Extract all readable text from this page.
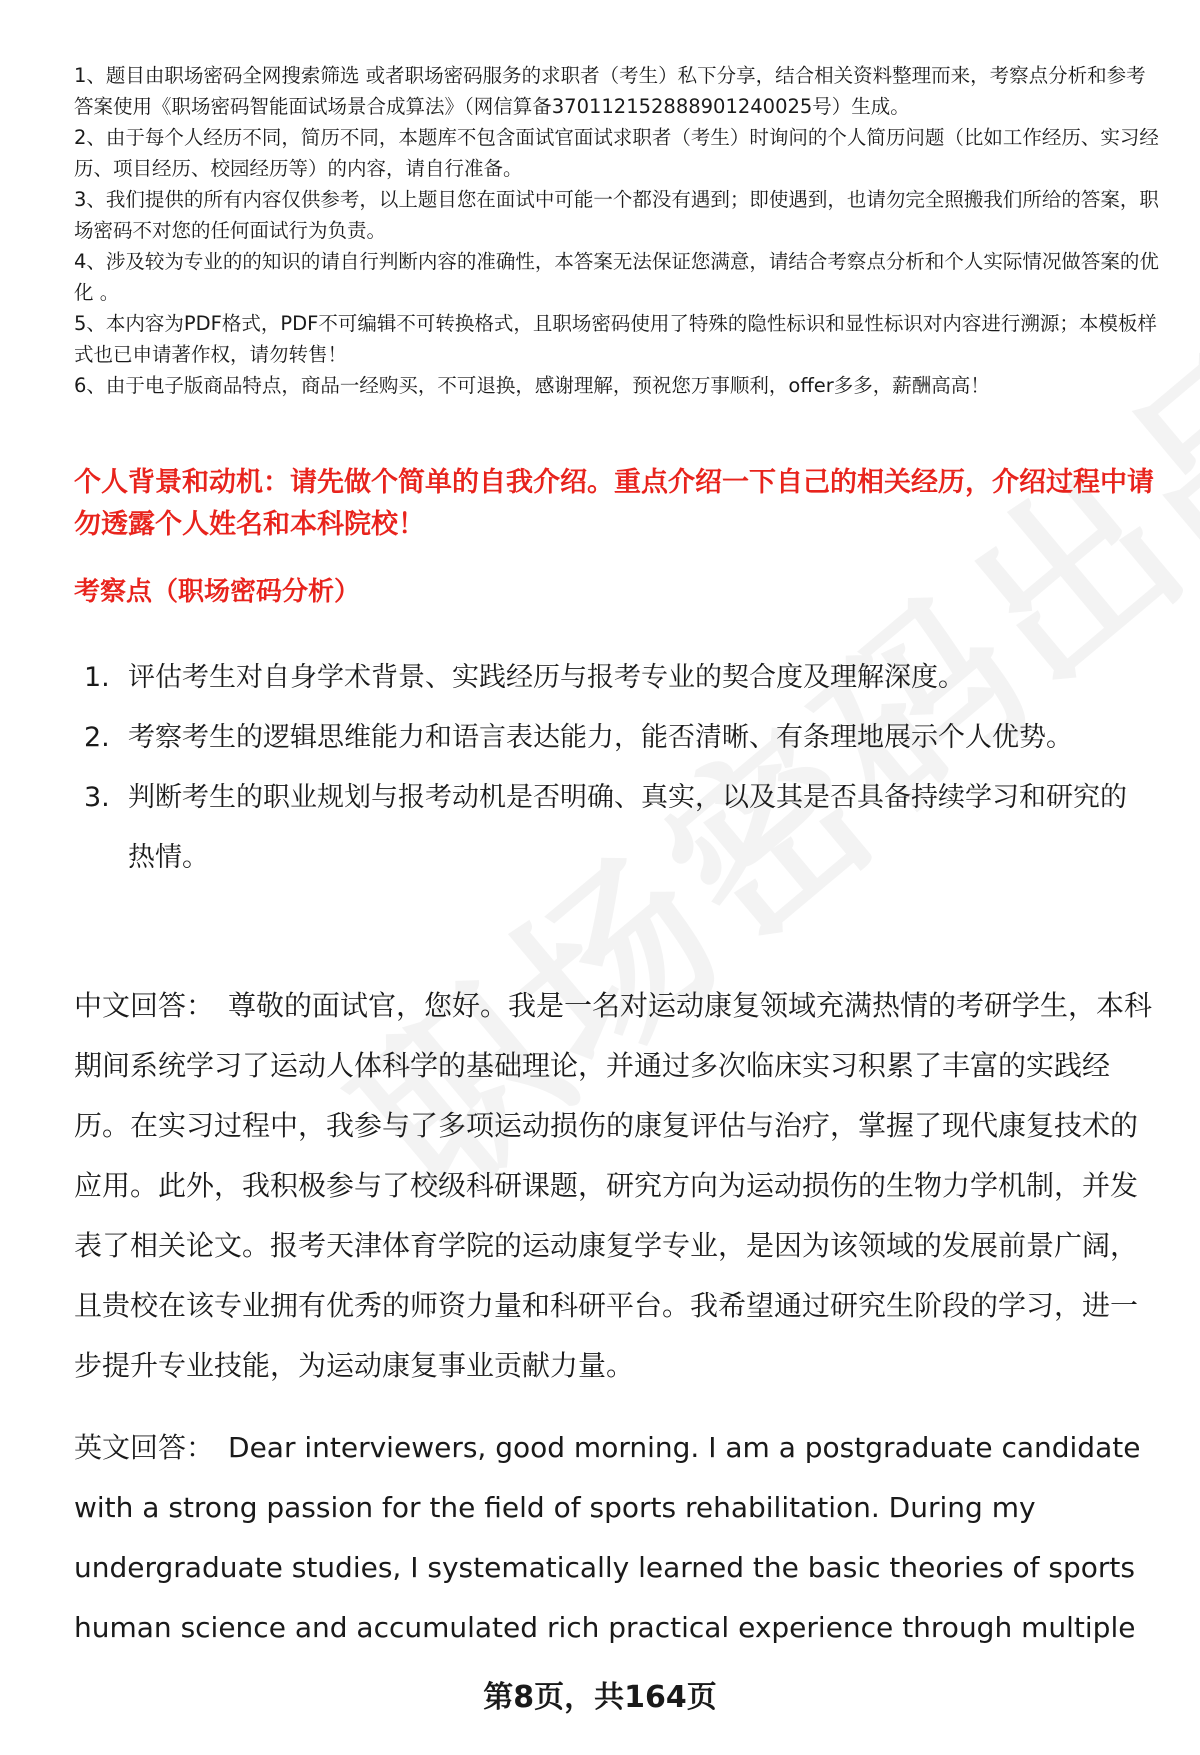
1、题目由职场密码全网搜索筛选 或者职场密码服务的求职者（考生）私下分享，结合相关资料整理而来，考察点分析和参考答案使用《职场密码智能面试场景合成算法》（网信算备370112152888901240025号）生成。

2、由于每个人经历不同，简历不同，本题库不包含面试官面试求职者（考生）时询问的个人简历问题（比如工作经历、实习经历、项目经历、校园经历等）的内容，请自行准备。

3、我们提供的所有内容仅供参考，以上题目您在面试中可能一个都没有遇到；即使遇到，也请勿完全照搬我们所给的答案，职场密码不对您的任何面试行为负责。

4、涉及较为专业的的知识的请自行判断内容的准确性，本答案无法保证您满意，请结合考察点分析和个人实际情况做答案的优化 。

5、本内容为PDF格式，PDF不可编辑不可转换格式，且职场密码使用了特殊的隐性标识和显性标识对内容进行溯源；本模板样式也已申请著作权，请勿转售！

6、由于电子版商品特点，商品一经购买，不可退换，感谢理解，预祝您万事顺利，offer多多，薪酬高高！

个人背景和动机：请先做个简单的自我介绍。重点介绍一下自己的相关经历，介绍过程中请勿透露个人姓名和本科院校！
考察点（职场密码分析）
1. 评估考生对自身学术背景、实践经历与报考专业的契合度及理解深度。
2. 考察考生的逻辑思维能力和语言表达能力，能否清晰、有条理地展示个人优势。
3. 判断考生的职业规划与报考动机是否明确、真实，以及其是否具备持续学习和研究的热情。
中文回答： 尊敬的面试官，您好。我是一名对运动康复领域充满热情的考研学生，本科期间系统学习了运动人体科学的基础理论，并通过多次临床实习积累了丰富的实践经历。在实习过程中，我参与了多项运动损伤的康复评估与治疗，掌握了现代康复技术的应用。此外，我积极参与了校级科研课题，研究方向为运动损伤的生物力学机制，并发表了相关论文。报考天津体育学院的运动康复学专业，是因为该领域的发展前景广阔，且贵校在该专业拥有优秀的师资力量和科研平台。我希望通过研究生阶段的学习，进一步提升专业技能，为运动康复事业贡献力量。
英文回答： Dear interviewers, good morning. I am a postgraduate candidate with a strong passion for the field of sports rehabilitation. During my undergraduate studies, I systematically learned the basic theories of sports human science and accumulated rich practical experience through multiple
第8页，共164页
